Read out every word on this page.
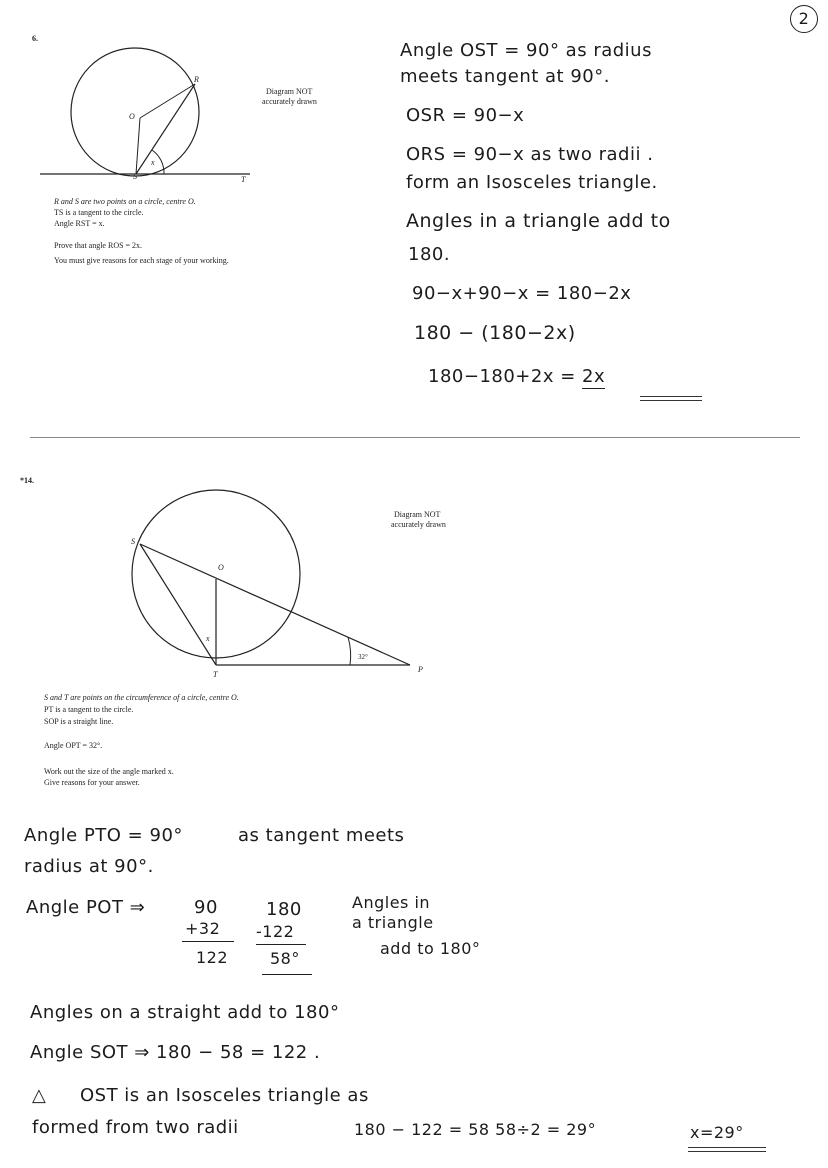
2
6.
R
O
S	T
x
Diagram NOT
accurately drawn
R and S are two points on a circle, centre O.
TS is a tangent to the circle.
Angle RST = x.
Prove that angle ROS = 2x.
You must give reasons for each stage of your working.
Angle OST = 90° as radius
meets tangent at 90°.
OSR = 90−x
ORS = 90−x as two radii .
form an Isosceles triangle.
Angles in a triangle add to
180.
90−x+90−x = 180−2x
180 − (180−2x)
180−180+2x = 2x
*14.
S
O
x
T
P
32°
Diagram NOT
accurately drawn
S and T are points on the circumference of a circle, centre O.
PT is a tangent to the circle.
SOP is a straight line.
Angle OPT = 32°.
Work out the size of the angle marked x.
Give reasons for your answer.
Angle PTO = 90°	as tangent meets
radius at 90°.
Angle POT ⇒	90
+32
122
180
-122
58°
Angles in
a triangle
add to 180°
Angles on a straight add to 180°
Angle SOT ⇒ 180 − 58 = 122 .
△ OST is an Isosceles triangle as
formed from two radii	180 − 122 = 58 58÷2 = 29°	x=29°
